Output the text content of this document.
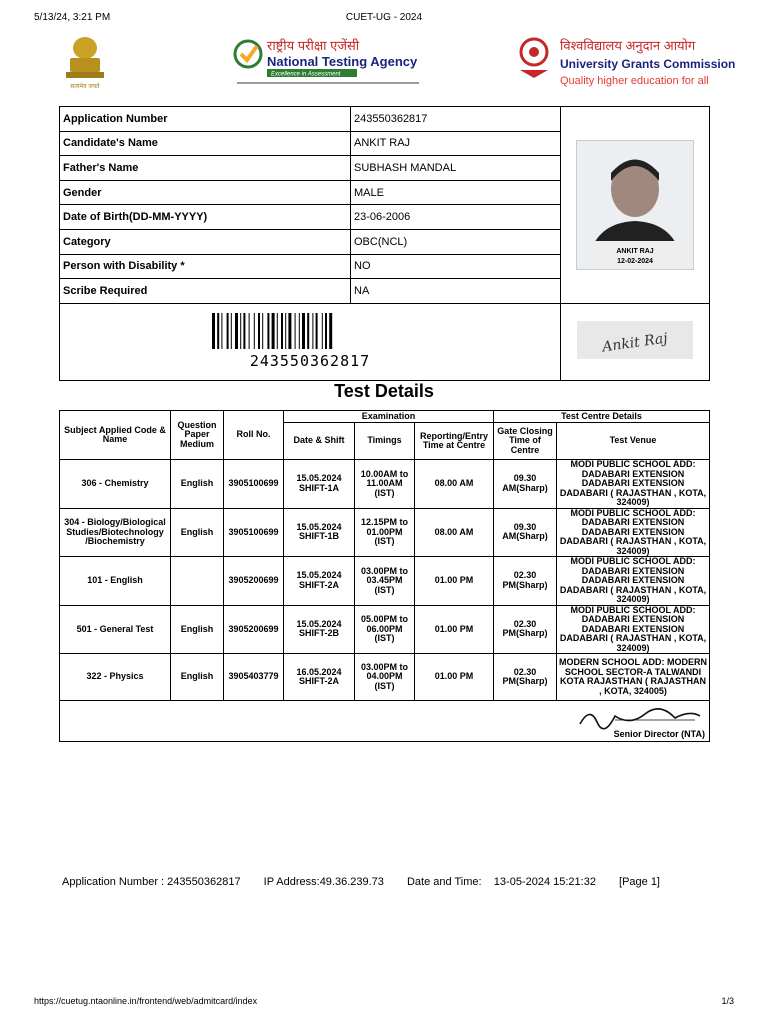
5/13/24, 3:21 PM	CUET-UG - 2024
सत्यमेव जयते
राष्ट्रीय परीक्षा एजेंसी
National Testing Agency
Excellence in Assessment
विश्वविद्यालय अनुदान आयोग
University Grants Commission
Quality higher education for all
Application Number	243550362817	ANKIT RAJ
12-02-2024

Candidate's Name	ANKIT RAJ	
Father's Name	SUBHASH MANDAL	
Gender	MALE	
Date of Birth(DD-MM-YYYY)	23-06-2006	
Category	OBC(NCL)	
Person with Disability *	NO	
Scribe Required	NA	

243550362817		Ankit Raj
Test Details
Subject Applied Code & Name	Question Paper Medium	Roll No.	Examination			Test Centre Details	
			Date & Shift	Timings	Reporting/Entry Time at Centre	Gate Closing Time of Centre	Test Venue
306 - Chemistry	English	3905100699	15.05.2024 SHIFT-1A	10.00AM to 11.00AM (IST)	08.00 AM	09.30 AM(Sharp)	MODI PUBLIC SCHOOL ADD: DADABARI EXTENSION DADABARI EXTENSION DADABARI ( RAJASTHAN , KOTA, 324009)
304 - Biology/Biological Studies/Biotechnology /Biochemistry	English	3905100699	15.05.2024 SHIFT-1B	12.15PM to 01.00PM (IST)	08.00 AM	09.30 AM(Sharp)	MODI PUBLIC SCHOOL ADD: DADABARI EXTENSION DADABARI EXTENSION DADABARI ( RAJASTHAN , KOTA, 324009)
101 - English		3905200699	15.05.2024 SHIFT-2A	03.00PM to 03.45PM (IST)	01.00 PM	02.30 PM(Sharp)	MODI PUBLIC SCHOOL ADD: DADABARI EXTENSION DADABARI EXTENSION DADABARI ( RAJASTHAN , KOTA, 324009)
501 - General Test	English	3905200699	15.05.2024 SHIFT-2B	05.00PM to 06.00PM (IST)	01.00 PM	02.30 PM(Sharp)	MODI PUBLIC SCHOOL ADD: DADABARI EXTENSION DADABARI EXTENSION DADABARI ( RAJASTHAN , KOTA, 324009)
322 - Physics	English	3905403779	16.05.2024 SHIFT-2A	03.00PM to 04.00PM (IST)	01.00 PM	02.30 PM(Sharp)	MODERN SCHOOL ADD: MODERN SCHOOL SECTOR-A TALWANDI KOTA RAJASTHAN ( RAJASTHAN , KOTA, 324005)

Senior Director (NTA)							
Application Number : 243550362817 IP Address:49.36.239.73 Date and Time:    13-05-2024 15:21:32 [Page 1]
https://cuetug.ntaonline.in/frontend/web/admitcard/index	1/3
